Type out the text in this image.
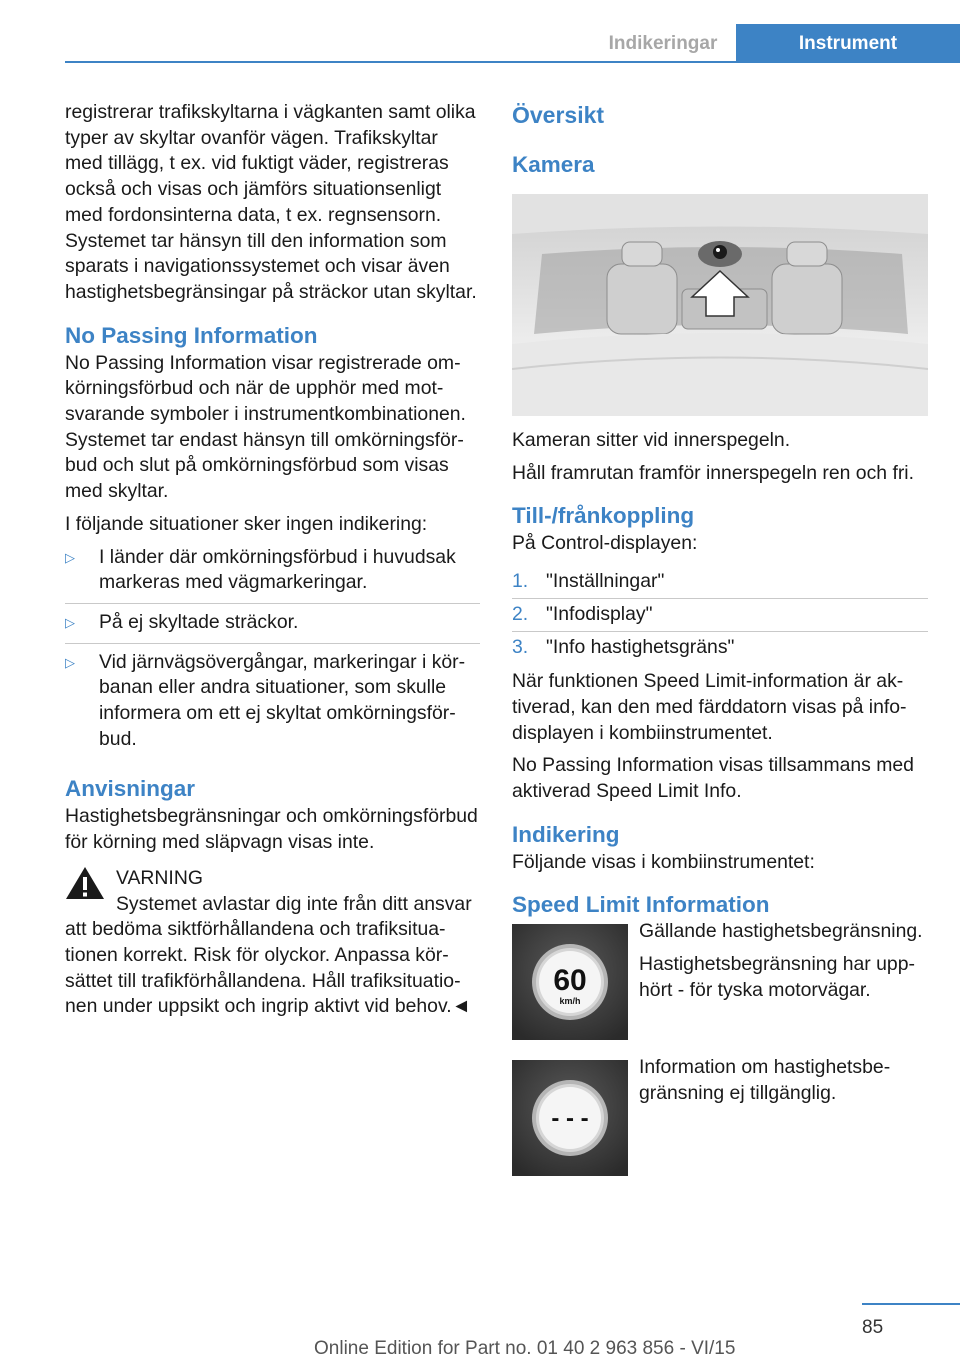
Indikeringar	Instrument

registrerar trafikskyltarna i vägkanten samt olika typer av skyltar ovanför vägen. Trafikskyltar med tillägg, t ex. vid fuktigt väder, registreras också och visas och jämförs situationsenligt med fordonsinterna data, t ex. regnsensorn. Systemet tar hänsyn till den information som sparats i navigationssystemet och visar även hastighetsbegränsingar på sträckor utan skyltar.

No Passing Information

No Passing Information visar registrerade omkörningsförbud och när de upphör med motsvarande symboler i instrumentkombinationen. Systemet tar endast hänsyn till omkörningsförbud och slut på omkörningsförbud som visas med skyltar.

I följande situationer sker ingen indikering:

▷	I länder där omkörningsförbud i huvudsak markeras med vägmarkeringar.
▷	På ej skyltade sträckor.
▷	Vid järnvägsövergångar, markeringar i körbanan eller andra situationer, som skulle informera om ett ej skyltat omkörningsförbud.
Anvisningar

Hastighetsbegränsningar och omkörningsförbud för körning med släpvagn visas inte.

VARNING

Systemet avlastar dig inte från ditt ansvar att bedöma siktförhållandena och trafiksituationen korrekt. Risk för olyckor. Anpassa körsättet till trafikförhållandena. Håll trafiksituationen under uppsikt och ingrip aktivt vid behov.◄

Översikt
Kamera

Kameran sitter vid innerspegeln.

Håll framrutan framför innerspegeln ren och fri.

Till-/frånkoppling

På Control-displayen:

1. "Inställningar"
2. "Infodisplay"
3. "Info hastighetsgräns"

När funktionen Speed Limit-information är aktiverad, kan den med färddatorn visas på infodisplayen i kombiinstrumentet.

No Passing Information visas tillsammans med aktiverad Speed Limit Info.

Indikering

Följande visas i kombiinstrumentet:

Speed Limit Information
60
km/h

Gällande hastighetsbegränsning.

Hastighetsbegränsning har upphört - för tyska motorvägar.

- - -

Information om hastighetsbegränsning ej tillgänglig.

85
Online Edition for Part no. 01 40 2 963 856 - VI/15
